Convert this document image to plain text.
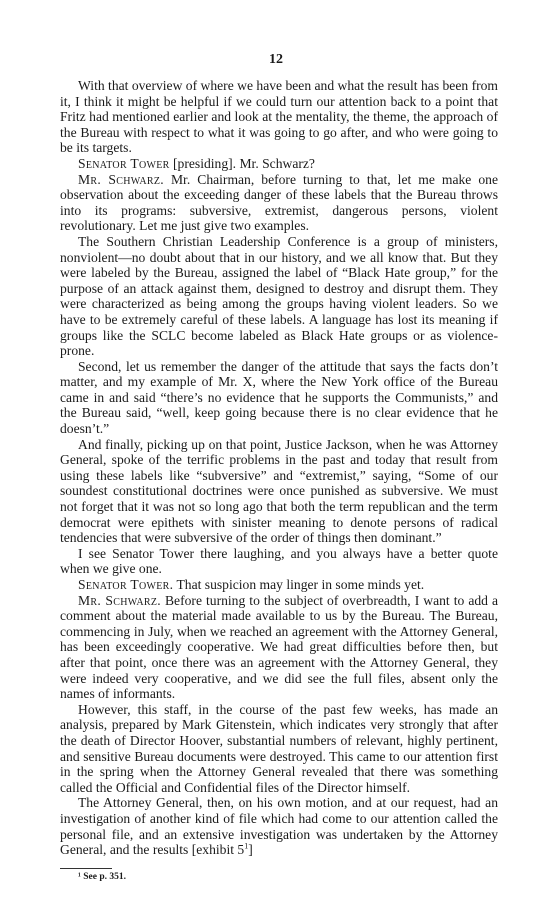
12

With that overview of where we have been and what the result has been from it, I think it might be helpful if we could turn our attention back to a point that Fritz had mentioned earlier and look at the mentality, the theme, the approach of the Bureau with respect to what it was going to go after, and who were going to be its targets.

Senator Tower [presiding]. Mr. Schwarz?

Mr. Schwarz. Mr. Chairman, before turning to that, let me make one observation about the exceeding danger of these labels that the Bureau throws into its programs: subversive, extremist, dangerous persons, violent revolutionary. Let me just give two examples.

The Southern Christian Leadership Conference is a group of ministers, nonviolent—no doubt about that in our history, and we all know that. But they were labeled by the Bureau, assigned the label of “Black Hate group,” for the purpose of an attack against them, designed to destroy and disrupt them. They were characterized as being among the groups having violent leaders. So we have to be extremely careful of these labels. A language has lost its meaning if groups like the SCLC become labeled as Black Hate groups or as violence-prone.

Second, let us remember the danger of the attitude that says the facts don’t matter, and my example of Mr. X, where the New York office of the Bureau came in and said “there’s no evidence that he supports the Communists,” and the Bureau said, “well, keep going because there is no clear evidence that he doesn’t.”

And finally, picking up on that point, Justice Jackson, when he was Attorney General, spoke of the terrific problems in the past and today that result from using these labels like “subversive” and “extremist,” saying, “Some of our soundest constitutional doctrines were once punished as subversive. We must not forget that it was not so long ago that both the term republican and the term democrat were epithets with sinister meaning to denote persons of radical tendencies that were subversive of the order of things then dominant.”

I see Senator Tower there laughing, and you always have a better quote when we give one.

Senator Tower. That suspicion may linger in some minds yet.

Mr. Schwarz. Before turning to the subject of overbreadth, I want to add a comment about the material made available to us by the Bureau. The Bureau, commencing in July, when we reached an agreement with the Attorney General, has been exceedingly cooperative. We had great difficulties before then, but after that point, once there was an agreement with the Attorney General, they were indeed very cooperative, and we did see the full files, absent only the names of informants.

However, this staff, in the course of the past few weeks, has made an analysis, prepared by Mark Gitenstein, which indicates very strongly that after the death of Director Hoover, substantial numbers of relevant, highly pertinent, and sensitive Bureau documents were destroyed. This came to our attention first in the spring when the Attorney General revealed that there was something called the Official and Confidential files of the Director himself.

The Attorney General, then, on his own motion, and at our request, had an investigation of another kind of file which had come to our attention called the personal file, and an extensive investigation was undertaken by the Attorney General, and the results [exhibit $5^1$]

¹ See p. 351.
